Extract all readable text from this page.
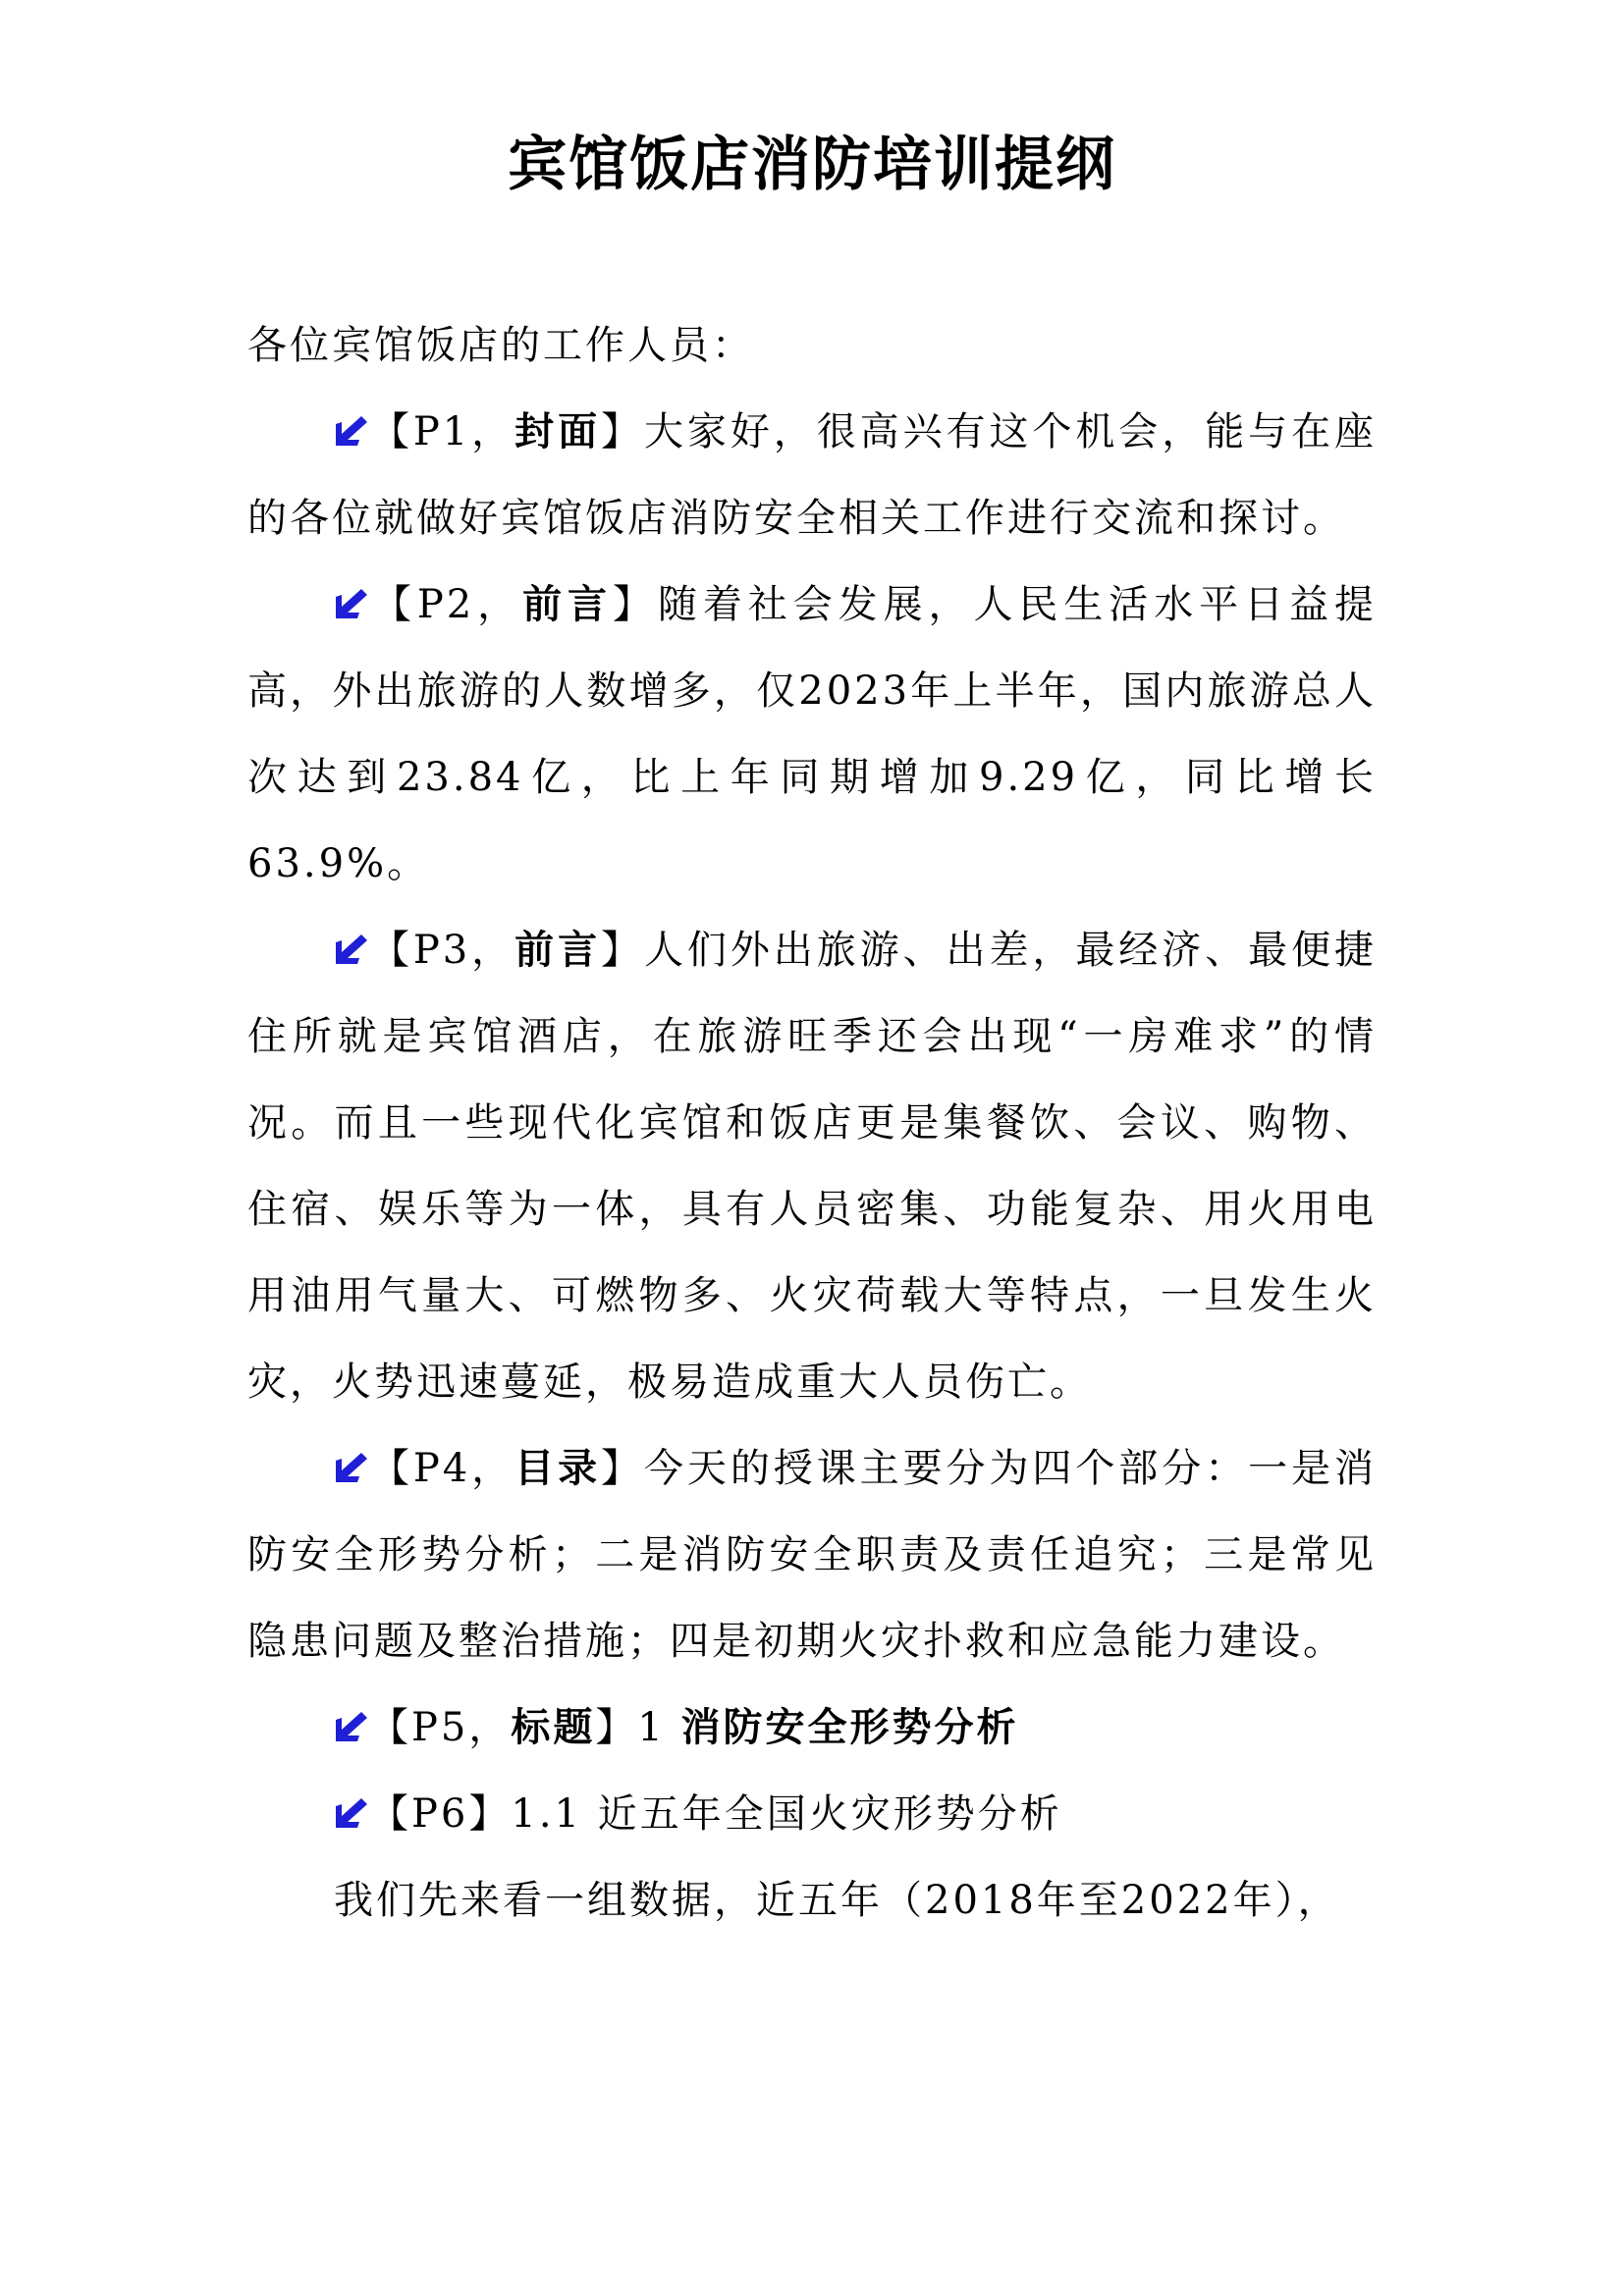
宾馆饭店消防培训提纲

各位宾馆饭店的工作人员：

【P1，封面】大家好，很高兴有这个机会，能与在座的各位就做好宾馆饭店消防安全相关工作进行交流和探讨。

【P2，前言】随着社会发展，人民生活水平日益提高，外出旅游的人数增多，仅2023年上半年，国内旅游总人次达到23.84亿，比上年同期增加9.29亿，同比增长63.9%。

【P3，前言】人们外出旅游、出差，最经济、最便捷住所就是宾馆酒店，在旅游旺季还会出现“一房难求”的情况。而且一些现代化宾馆和饭店更是集餐饮、会议、购物、住宿、娱乐等为一体，具有人员密集、功能复杂、用火用电用油用气量大、可燃物多、火灾荷载大等特点，一旦发生火灾，火势迅速蔓延，极易造成重大人员伤亡。

【P4，目录】今天的授课主要分为四个部分：一是消防安全形势分析；二是消防安全职责及责任追究；三是常见隐患问题及整治措施；四是初期火灾扑救和应急能力建设。

【P5，标题】1 消防安全形势分析

【P6】1.1 近五年全国火灾形势分析

我们先来看一组数据，近五年（2018年至2022年），
